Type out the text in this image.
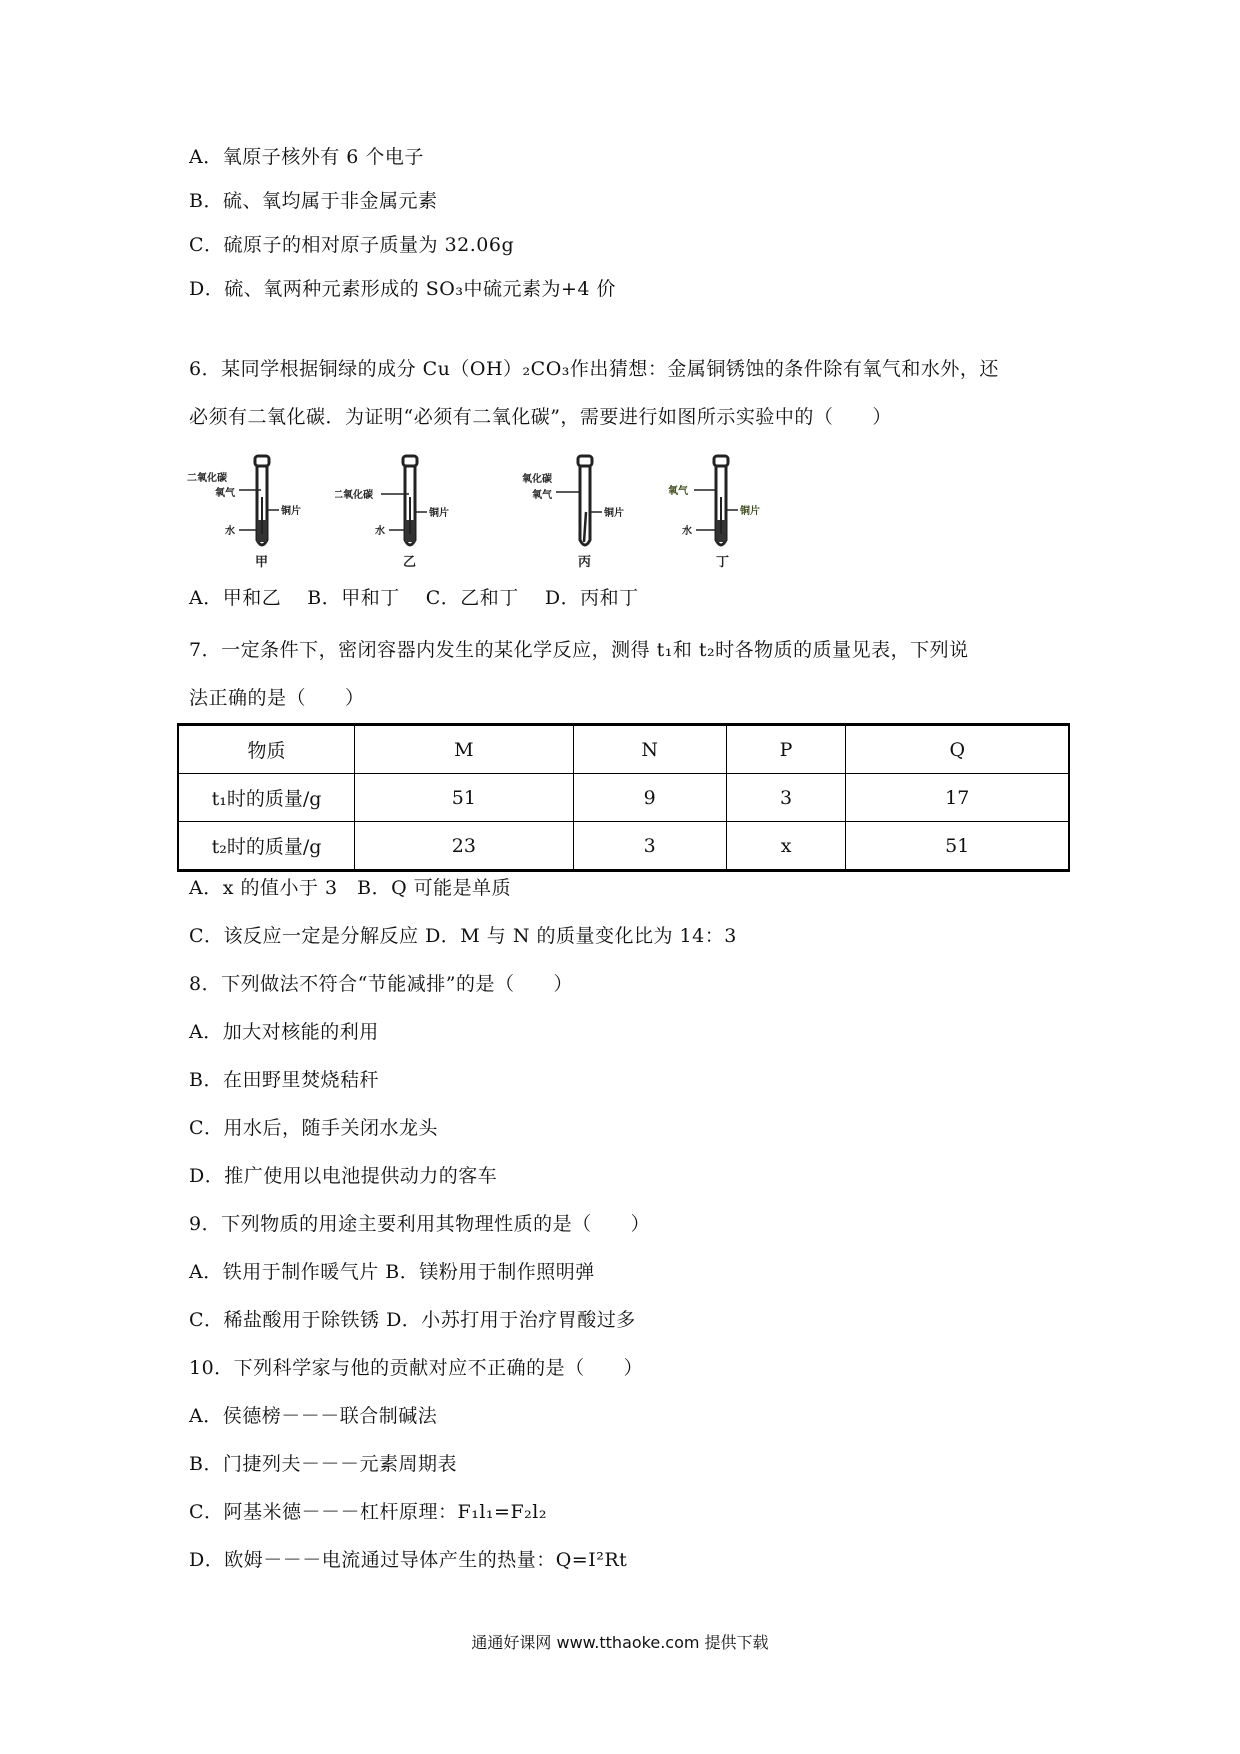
A．氧原子核外有 6 个电子
B．硫、氧均属于非金属元素
C．硫原子的相对原子质量为 32.06g
D．硫、氧两种元素形成的 SO₃中硫元素为+4 价
6．某同学根据铜绿的成分 Cu（OH）₂CO₃作出猜想：金属铜锈蚀的条件除有氧气和水外，还
必须有二氧化碳．为证明“必须有二氧化碳”，需要进行如图所示实验中的（　　）
二氧化碳
氧气
铜片
水
甲
二氧化碳
铜片
水
乙
氧化碳
氧气
铜片
丙
氧气
铜片
水
丁
A．甲和乙　 B．甲和丁　 C．乙和丁　 D．丙和丁
7．一定条件下，密闭容器内发生的某化学反应，测得 t₁和 t₂时各物质的质量见表，下列说
法正确的是（　　）
物质	M	N	P	Q
t₁时的质量/g	51	9	3	17
t₂时的质量/g	23	3	x	51
A．x 的值小于 3　B．Q 可能是单质
C．该反应一定是分解反应 D．M 与 N 的质量变化比为 14：3
8．下列做法不符合“节能减排”的是（　　）
A．加大对核能的利用
B．在田野里焚烧秸秆
C．用水后，随手关闭水龙头
D．推广使用以电池提供动力的客车
9．下列物质的用途主要利用其物理性质的是（　　）
A．铁用于制作暖气片 B．镁粉用于制作照明弹
C．稀盐酸用于除铁锈 D．小苏打用于治疗胃酸过多
10．下列科学家与他的贡献对应不正确的是（　　）
A．侯德榜－－－联合制碱法
B．门捷列夫－－－元素周期表
C．阿基米德－－－杠杆原理：F₁l₁=F₂l₂
D．欧姆－－－电流通过导体产生的热量：Q=I²Rt
通通好课网 www.tthaoke.com 提供下载
